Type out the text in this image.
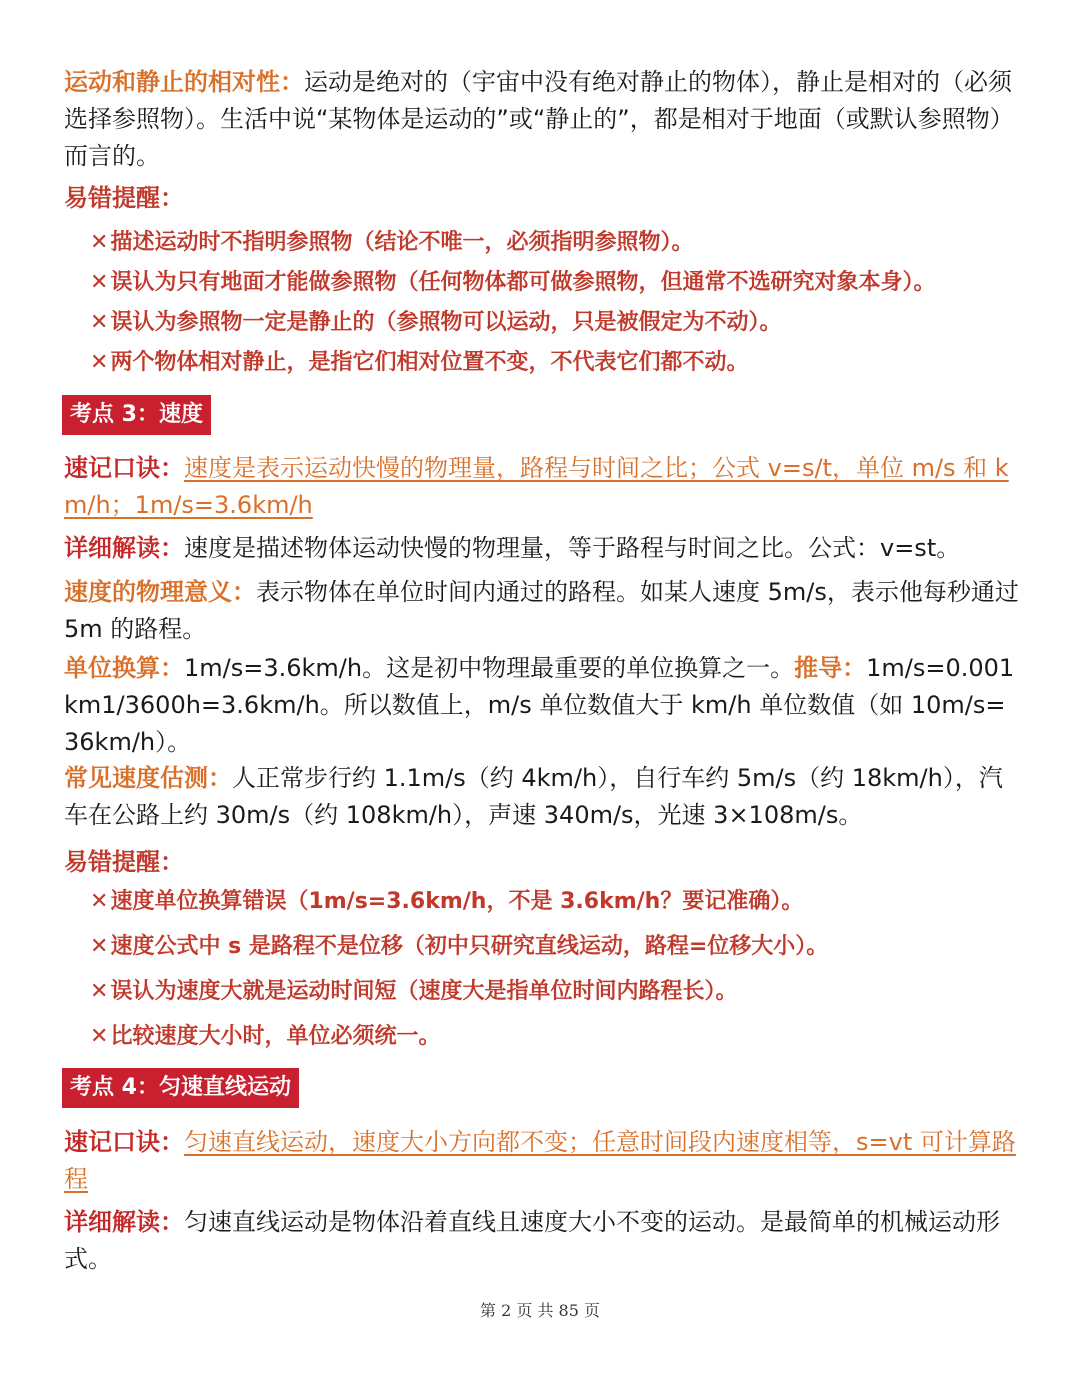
运动和静止的相对性：运动是绝对的（宇宙中没有绝对静止的物体），静止是相对的（必须选择参照物）。生活中说“某物体是运动的”或“静止的”，都是相对于地面（或默认参照物）而言的。

易错提醒：

✕描述运动时不指明参照物（结论不唯一，必须指明参照物）。

✕误认为只有地面才能做参照物（任何物体都可做参照物，但通常不选研究对象本身）。

✕误认为参照物一定是静止的（参照物可以运动，只是被假定为不动）。

✕两个物体相对静止，是指它们相对位置不变，不代表它们都不动。

考点 3：速度

速记口诀：速度是表示运动快慢的物理量，路程与时间之比；公式 v=s/t，单位 m/s 和 km/h；1m/s=3.6km/h

详细解读：速度是描述物体运动快慢的物理量，等于路程与时间之比。公式：v=st。

速度的物理意义：表示物体在单位时间内通过的路程。如某人速度 5m/s，表示他每秒通过 5m 的路程。

单位换算：1m/s=3.6km/h。这是初中物理最重要的单位换算之一。推导：1m/s=0.001km1/3600h=3.6km/h。所以数值上，m/s 单位数值大于 km/h 单位数值（如 10m/s=36km/h）。

常见速度估测：人正常步行约 1.1m/s（约 4km/h），自行车约 5m/s（约 18km/h），汽车在公路上约 30m/s（约 108km/h），声速 340m/s，光速 3×108m/s。

易错提醒：

✕速度单位换算错误（1m/s=3.6km/h，不是 3.6km/h？要记准确）。

✕速度公式中 s 是路程不是位移（初中只研究直线运动，路程=位移大小）。

✕误认为速度大就是运动时间短（速度大是指单位时间内路程长）。

✕比较速度大小时，单位必须统一。

考点 4：匀速直线运动

速记口诀：匀速直线运动，速度大小方向都不变；任意时间段内速度相等，s=vt 可计算路程

详细解读：匀速直线运动是物体沿着直线且速度大小不变的运动。是最简单的机械运动形式。

第 2 页 共 85 页
